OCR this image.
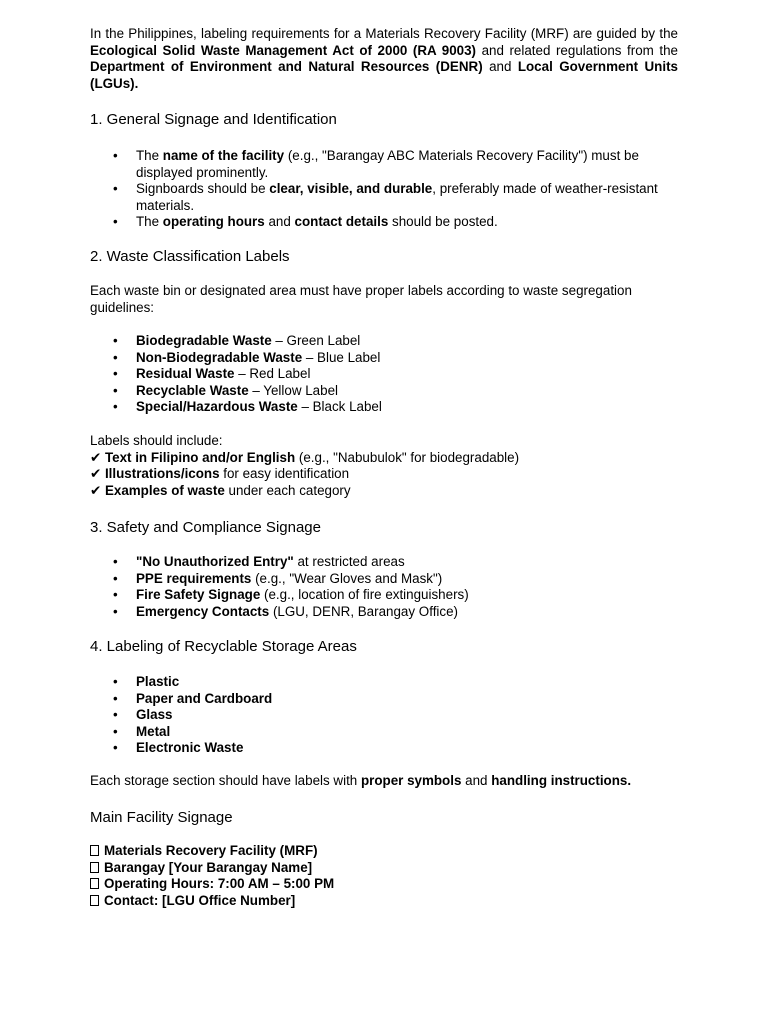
In the Philippines, labeling requirements for a Materials Recovery Facility (MRF) are guided by the Ecological Solid Waste Management Act of 2000 (RA 9003) and related regulations from the Department of Environment and Natural Resources (DENR) and Local Government Units (LGUs).

1. General Signage and Identification
• The name of the facility (e.g., "Barangay ABC Materials Recovery Facility") must be displayed prominently.
• Signboards should be clear, visible, and durable, preferably made of weather-resistant materials.
• The operating hours and contact details should be posted.
2. Waste Classification Labels

Each waste bin or designated area must have proper labels according to waste segregation guidelines:

• Biodegradable Waste – Green Label
• Non-Biodegradable Waste – Blue Label
• Residual Waste – Red Label
• Recyclable Waste – Yellow Label
• Special/Hazardous Waste – Black Label

Labels should include:

✔ Text in Filipino and/or English (e.g., "Nabubulok" for biodegradable)

✔ Illustrations/icons for easy identification

✔ Examples of waste under each category

3. Safety and Compliance Signage
• "No Unauthorized Entry" at restricted areas
• PPE requirements (e.g., "Wear Gloves and Mask")
• Fire Safety Signage (e.g., location of fire extinguishers)
• Emergency Contacts (LGU, DENR, Barangay Office)
4. Labeling of Recyclable Storage Areas
• Plastic
• Paper and Cardboard
• Glass
• Metal
• Electronic Waste

Each storage section should have labels with proper symbols and handling instructions.

Main Facility Signage

Materials Recovery Facility (MRF)

Barangay [Your Barangay Name]

Operating Hours: 7:00 AM – 5:00 PM

Contact: [LGU Office Number]
